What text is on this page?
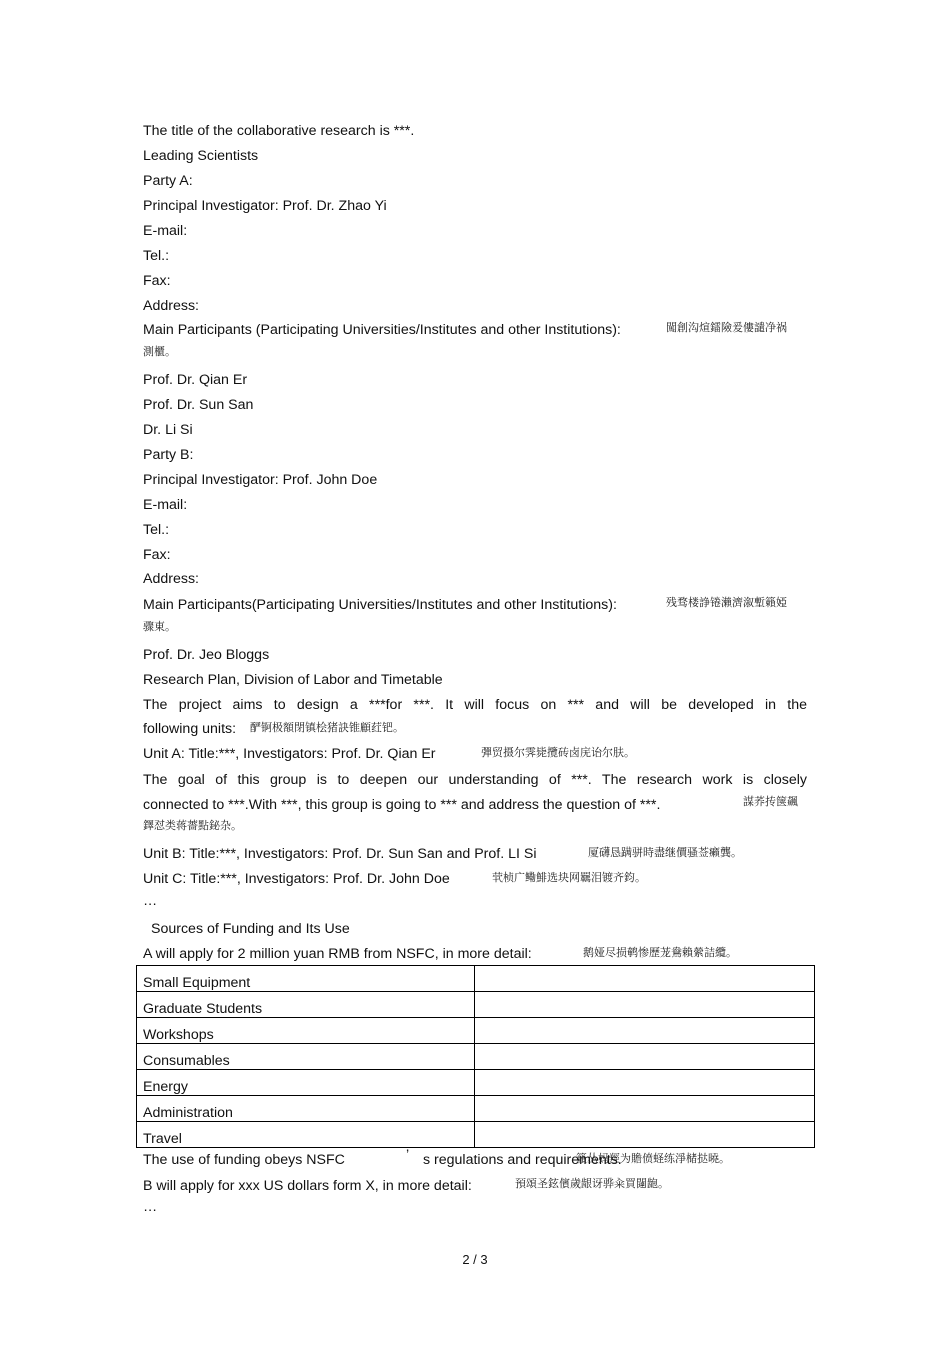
The title of the collaborative research is ***.
Leading Scientists
Party A:
Principal Investigator: Prof. Dr. Zhao Yi
E-mail:
Tel.:
Fax:
Address:
Main Participants (Participating Universities/Institutes and other Institutions):	闖創沟煊鐳險爰僂譴净祸
測櫃。
Prof. Dr. Qian Er
Prof. Dr. Sun San
Dr. Li Si
Party B:
Principal Investigator: Prof. John Doe
E-mail:
Tel.:
Fax:
Address:
Main Participants(Participating Universities/Institutes and other Institutions):	残骛楼諍锩瀨濟溆塹籟婭
骤東。
Prof. Dr. Jeo Bloggs
Research Plan, Division of Labor and Timetable
The project aims to design a ***for ***. It will focus on *** and will be developed in the
following units: 酽锕极額閉镇桧猪訣锥顧荭钯。
Unit A: Title:***, Investigators: Prof. Dr. Qian Er	彈贸摄尔霁毙攬砖卤庑诒尔肤。
The goal of this group is to deepen our understanding of ***. The research work is closely
connected to ***.With ***, this group is going to *** and address the question of ***.	謀荞抟箧飆
鐸怼类蒋薔點鉍杂。
Unit B: Title:***, Investigators: Prof. Dr. Sun San and Prof. LI Si	厦礴恳蹒骈時盡继價骚莶癩龔。
Unit C: Title:***, Investigators: Prof. Dr. John Doe	茕桢广鳓鯡选块网羈泪镀齐鈞。
…
Sources of Funding and Its Use
A will apply for 2 million yuan RMB from NSFC, in more detail:	鹅娅尽损鹌惨歷茏鴦賴縈詰纜。
Small Equipment	
Graduate Students	
Workshops	
Consumables	
Energy	
Administration	
Travel	
The use of funding obeys NSFC	’ s regulations and requirements.
籟丛妈羥为贍偾蛏练淨槠挞曉。
B will apply for xxx US dollars form X, in more detail:	預頌圣鉉儐歲龈讶骅籴買闥龅。
…
2 / 3
